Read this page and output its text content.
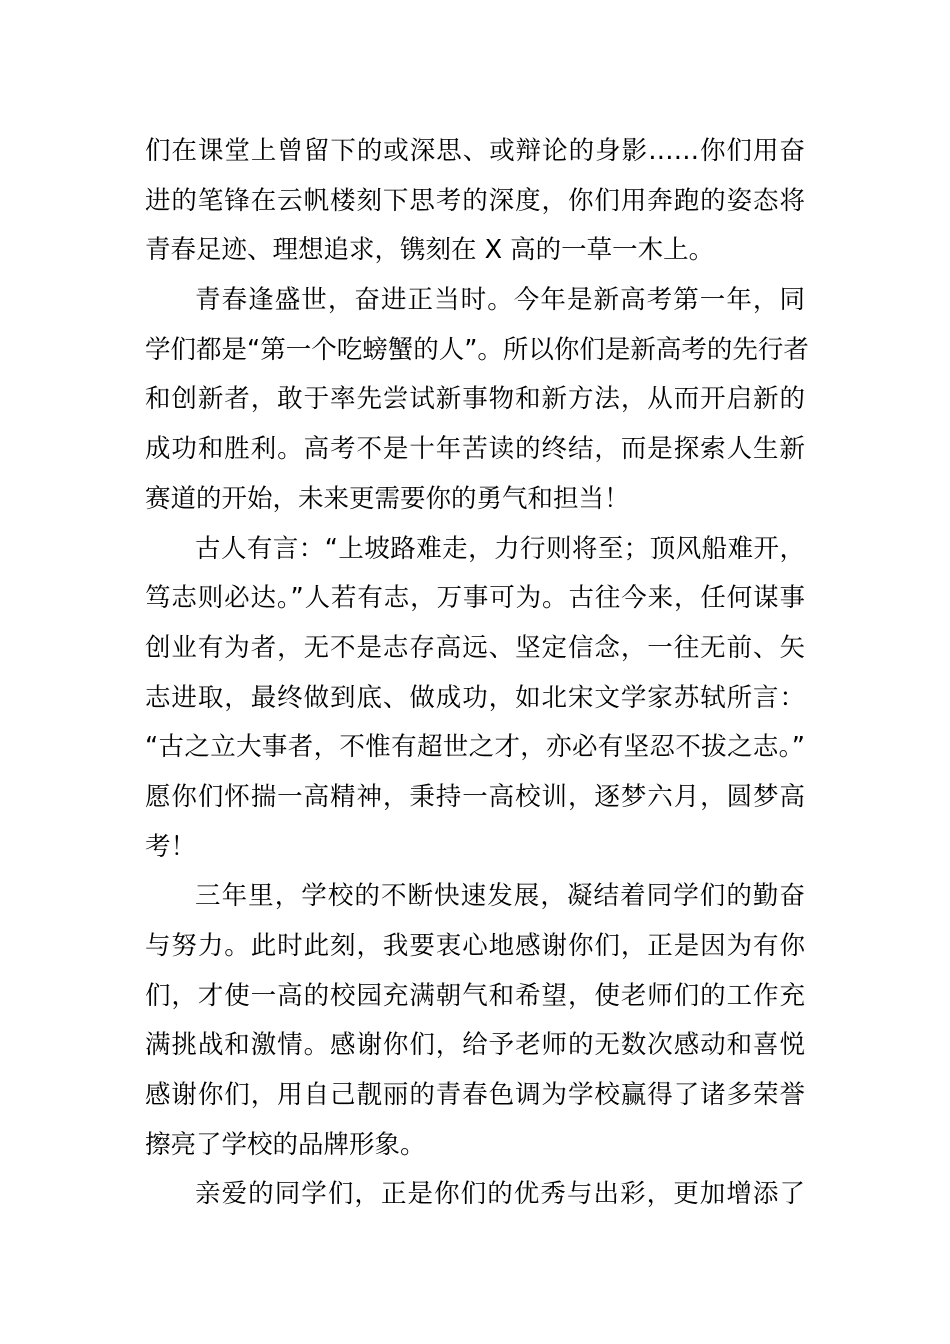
们在课堂上曾留下的或深思、或辩论的身影……你们用奋
进的笔锋在云帆楼刻下思考的深度，你们用奔跑的姿态将
青春足迹、理想追求，镌刻在 X 高的一草一木上。
青春逢盛世，奋进正当时。今年是新高考第一年，同
学们都是“第一个吃螃蟹的人”。所以你们是新高考的先行者
和创新者，敢于率先尝试新事物和新方法，从而开启新的
成功和胜利。高考不是十年苦读的终结，而是探索人生新
赛道的开始，未来更需要你的勇气和担当！
古人有言：“上坡路难走，力行则将至；顶风船难开，
笃志则必达。”人若有志，万事可为。古往今来，任何谋事
创业有为者，无不是志存高远、坚定信念，一往无前、矢
志进取，最终做到底、做成功，如北宋文学家苏轼所言：
“古之立大事者，不惟有超世之才，亦必有坚忍不拔之志。”
愿你们怀揣一高精神，秉持一高校训，逐梦六月，圆梦高
考！
三年里，学校的不断快速发展，凝结着同学们的勤奋
与努力。此时此刻，我要衷心地感谢你们，正是因为有你
们，才使一高的校园充满朝气和希望，使老师们的工作充
满挑战和激情。感谢你们，给予老师的无数次感动和喜悦
感谢你们，用自己靓丽的青春色调为学校赢得了诸多荣誉
擦亮了学校的品牌形象。
亲爱的同学们，正是你们的优秀与出彩，更加增添了
